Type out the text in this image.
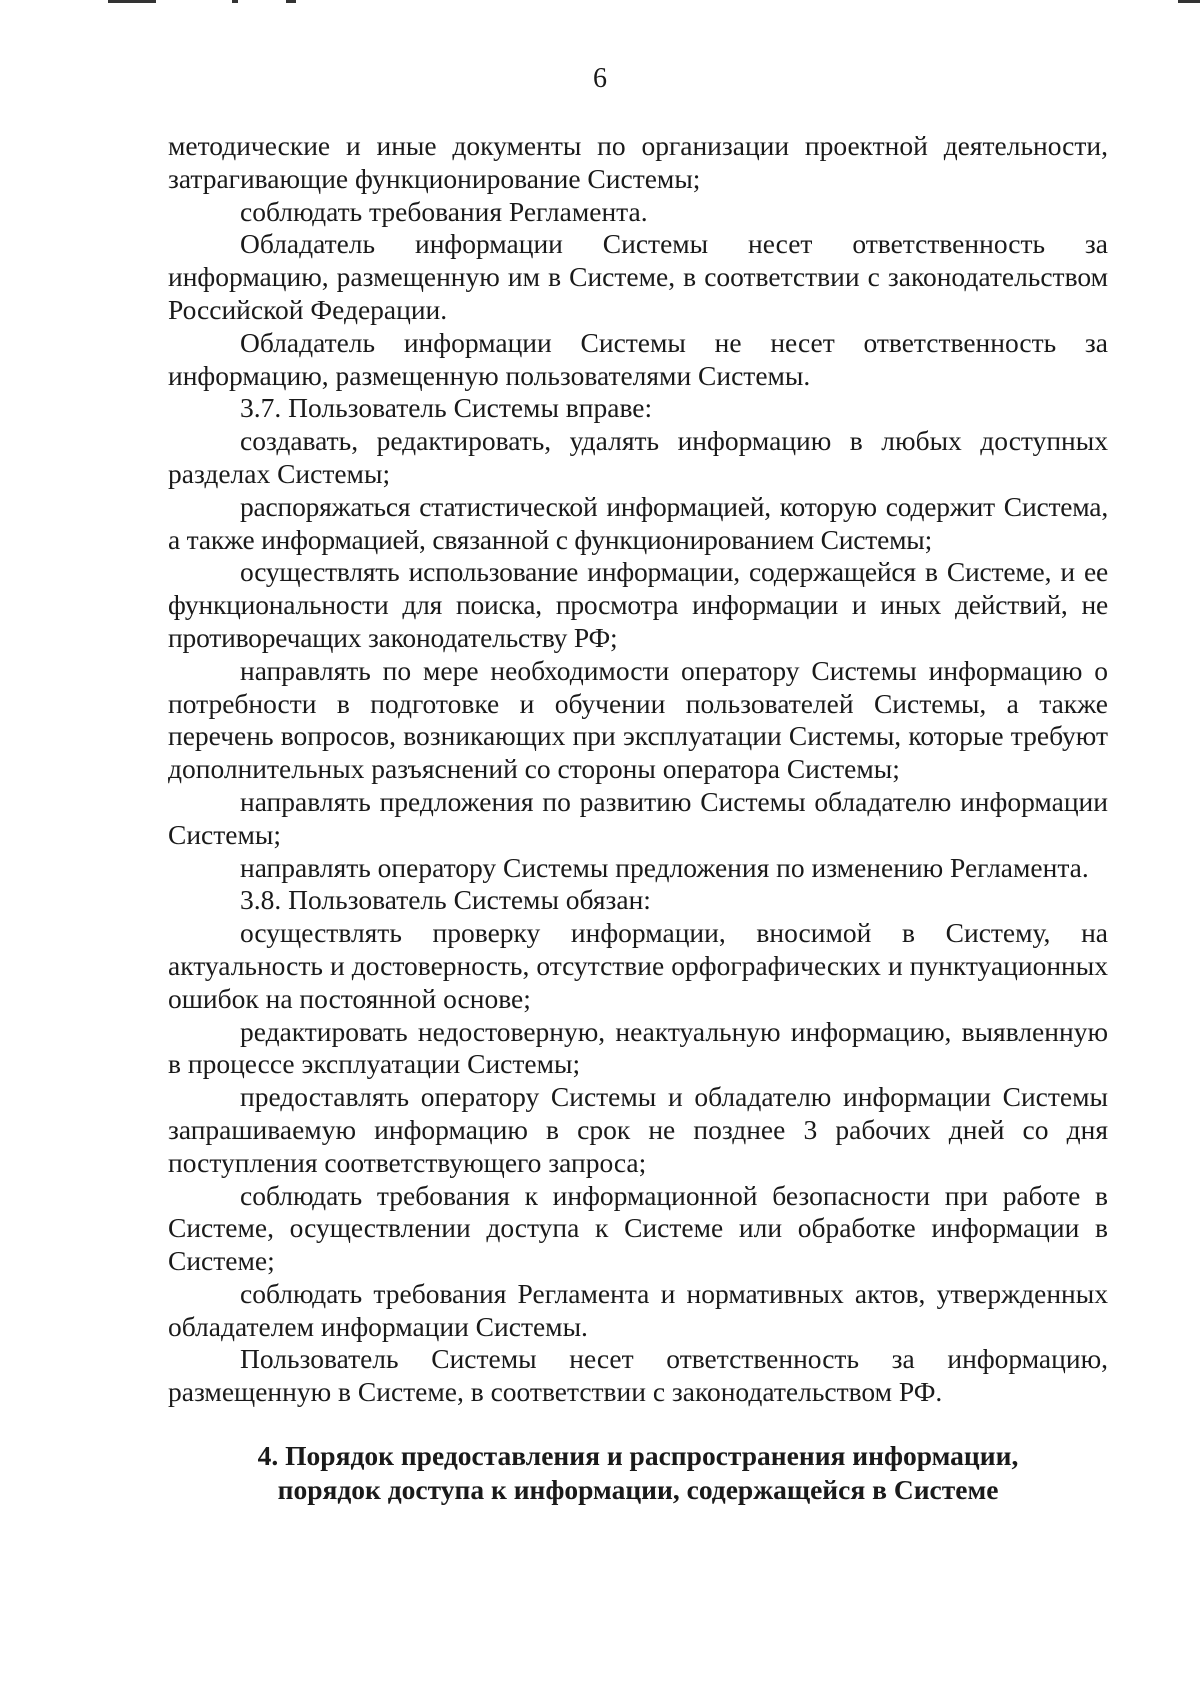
6

методические и иные документы по организации проектной деятельности, затрагивающие функционирование Системы;

соблюдать требования Регламента.

Обладатель информации Системы несет ответственность за информацию, размещенную им в Системе, в соответствии с законодательством Российской Федерации.

Обладатель информации Системы не несет ответственность за информацию, размещенную пользователями Системы.

3.7. Пользователь Системы вправе:

создавать, редактировать, удалять информацию в любых доступных разделах Системы;

распоряжаться статистической информацией, которую содержит Система, а также информацией, связанной с функционированием Системы;

осуществлять использование информации, содержащейся в Системе, и ее функциональности для поиска, просмотра информации и иных действий, не противоречащих законодательству РФ;

направлять по мере необходимости оператору Системы информацию о потребности в подготовке и обучении пользователей Системы, а также перечень вопросов, возникающих при эксплуатации Системы, которые требуют дополнительных разъяснений со стороны оператора Системы;

направлять предложения по развитию Системы обладателю информации Системы;

направлять оператору Системы предложения по изменению Регламента.

3.8. Пользователь Системы обязан:

осуществлять проверку информации, вносимой в Систему, на актуальность и достоверность, отсутствие орфографических и пунктуационных ошибок на постоянной основе;

редактировать недостоверную, неактуальную информацию, выявленную в процессе эксплуатации Системы;

предоставлять оператору Системы и обладателю информации Системы запрашиваемую информацию в срок не позднее 3 рабочих дней со дня поступления соответствующего запроса;

соблюдать требования к информационной безопасности при работе в Системе, осуществлении доступа к Системе или обработке информации в Системе;

соблюдать требования Регламента и нормативных актов, утвержденных обладателем информации Системы.

Пользователь Системы несет ответственность за информацию, размещенную в Системе, в соответствии с законодательством РФ.

4. Порядок предоставления и распространения информации,
порядок доступа к информации, содержащейся в Системе
